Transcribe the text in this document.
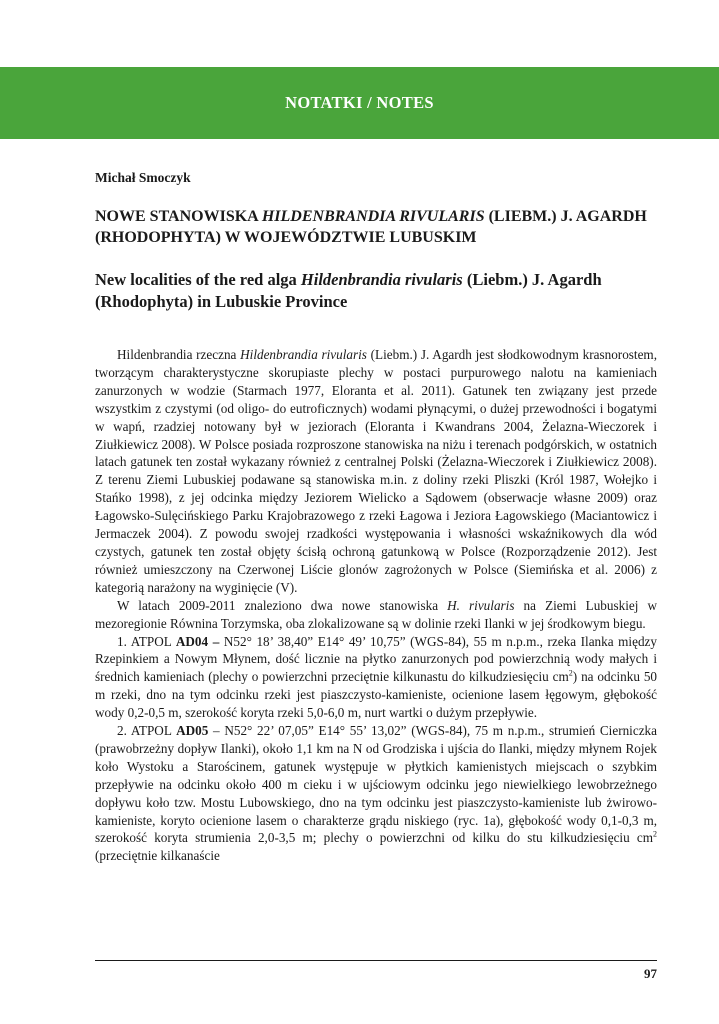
NOTATKI / NOTES
Michał Smoczyk
NOWE STANOWISKA HILDENBRANDIA RIVULARIS (LIEBM.) J. AGARDH (RHODOPHYTA) W WOJEWÓDZTWIE LUBUSKIM
New localities of the red alga Hildenbrandia rivularis (Liebm.) J. Agardh (Rhodophyta) in Lubuskie Province

Hildenbrandia rzeczna Hildenbrandia rivularis (Liebm.) J. Agardh jest słodkowodnym krasnorostem, tworzącym charakterystyczne skorupiaste plechy w postaci purpurowego nalotu na kamieniach zanurzonych w wodzie (Starmach 1977, Eloranta et al. 2011). Gatunek ten związany jest przede wszystkim z czystymi (od oligo- do eutroficznych) wodami płynącymi, o dużej przewodności i bogatymi w wapń, rzadziej notowany był w jeziorach (Eloranta i Kwandrans 2004, Żelazna-Wieczorek i Ziułkiewicz 2008). W Polsce posiada rozproszone stanowiska na niżu i terenach podgórskich, w ostatnich latach gatunek ten został wykazany również z centralnej Polski (Żelazna-Wieczorek i Ziułkiewicz 2008). Z terenu Ziemi Lubuskiej podawane są stanowiska m.in. z doliny rzeki Pliszki (Król 1987, Wołejko i Stańko 1998), z jej odcinka między Jeziorem Wielicko a Sądowem (obserwacje własne 2009) oraz Łagowsko-Sulęcińskiego Parku Krajobrazowego z rzeki Łagowa i Jeziora Łagowskiego (Maciantowicz i Jermaczek 2004). Z powodu swojej rzadkości występowania i własności wskaźnikowych dla wód czystych, gatunek ten został objęty ścisłą ochroną gatunkową w Polsce (Rozporządzenie 2012). Jest również umieszczony na Czerwonej Liście glonów zagrożonych w Polsce (Siemińska et al. 2006) z kategorią narażony na wyginięcie (V).

W latach 2009-2011 znaleziono dwa nowe stanowiska H. rivularis na Ziemi Lubuskiej w mezoregionie Równina Torzymska, oba zlokalizowane są w dolinie rzeki Ilanki w jej środkowym biegu.

1. ATPOL AD04 – N52° 18’ 38,40” E14° 49’ 10,75” (WGS-84), 55 m n.p.m., rzeka Ilanka między Rzepinkiem a Nowym Młynem, dość licznie na płytko zanurzonych pod powierzchnią wody małych i średnich kamieniach (plechy o powierzchni przeciętnie kilkunastu do kilkudziesięciu $cm^2$) na odcinku 50 m rzeki, dno na tym odcinku rzeki jest piaszczysto-kamieniste, ocienione lasem łęgowym, głębokość wody 0,2-0,5 m, szerokość koryta rzeki 5,0-6,0 m, nurt wartki o dużym przepływie.

2. ATPOL AD05 – N52° 22’ 07,05” E14° 55’ 13,02” (WGS-84), 75 m n.p.m., strumień Cierniczka (prawobrzeżny dopływ Ilanki), około 1,1 km na N od Grodziska i ujścia do Ilanki, między młynem Rojek koło Wystoku a Starościnem, gatunek występuje w płytkich kamienistych miejscach o szybkim przepływie na odcinku około 400 m cieku i w ujściowym odcinku jego niewielkiego lewobrzeżnego dopływu koło tzw. Mostu Lubowskiego, dno na tym odcinku jest piaszczysto-kamieniste lub żwirowo-kamieniste, koryto ocienione lasem o charakterze grądu niskiego (ryc. 1a), głębokość wody 0,1-0,3 m, szerokość koryta strumienia 2,0-3,5 m; plechy o powierzchni od kilku do stu kilkudziesięciu $cm^2$ (przeciętnie kilkanaście

97
